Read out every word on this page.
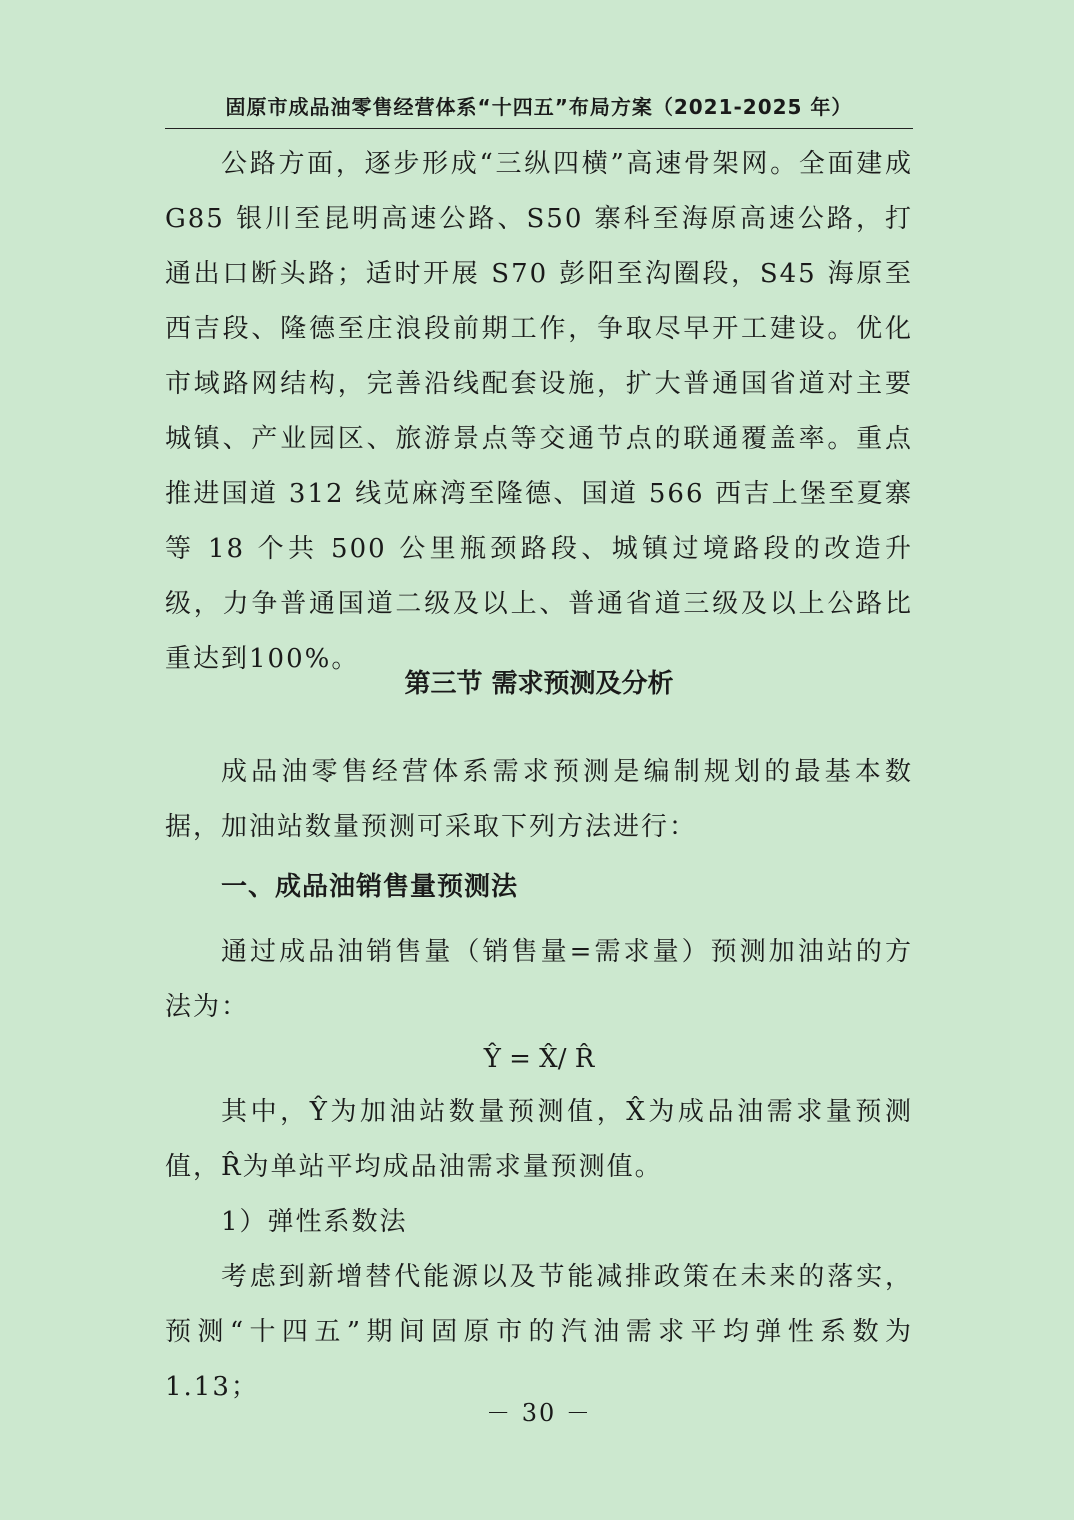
固原市成品油零售经营体系“十四五”布局方案（2021-2025 年）

公路方面，逐步形成“三纵四横”高速骨架网。全面建成 G85 银川至昆明高速公路、S50 寨科至海原高速公路，打通出口断头路；适时开展 S70 彭阳至沟圈段，S45 海原至西吉段、隆德至庄浪段前期工作，争取尽早开工建设。优化市域路网结构，完善沿线配套设施，扩大普通国省道对主要城镇、产业园区、旅游景点等交通节点的联通覆盖率。重点推进国道 312 线苋麻湾至隆德、国道 566 西吉上堡至夏寨等 18 个共 500 公里瓶颈路段、城镇过境路段的改造升级，力争普通国道二级及以上、普通省道三级及以上公路比重达到100%。

第三节 需求预测及分析

成品油零售经营体系需求预测是编制规划的最基本数据，加油站数量预测可采取下列方法进行：

一、成品油销售量预测法

通过成品油销售量（销售量=需求量）预测加油站的方法为：

Ŷ = X̂/ R̂

其中，Ŷ为加油站数量预测值，X̂为成品油需求量预测值，R̂为单站平均成品油需求量预测值。

1）弹性系数法

考虑到新增替代能源以及节能减排政策在未来的落实，预测“十四五”期间固原市的汽油需求平均弹性系数为 1.13；

－ 30 －
